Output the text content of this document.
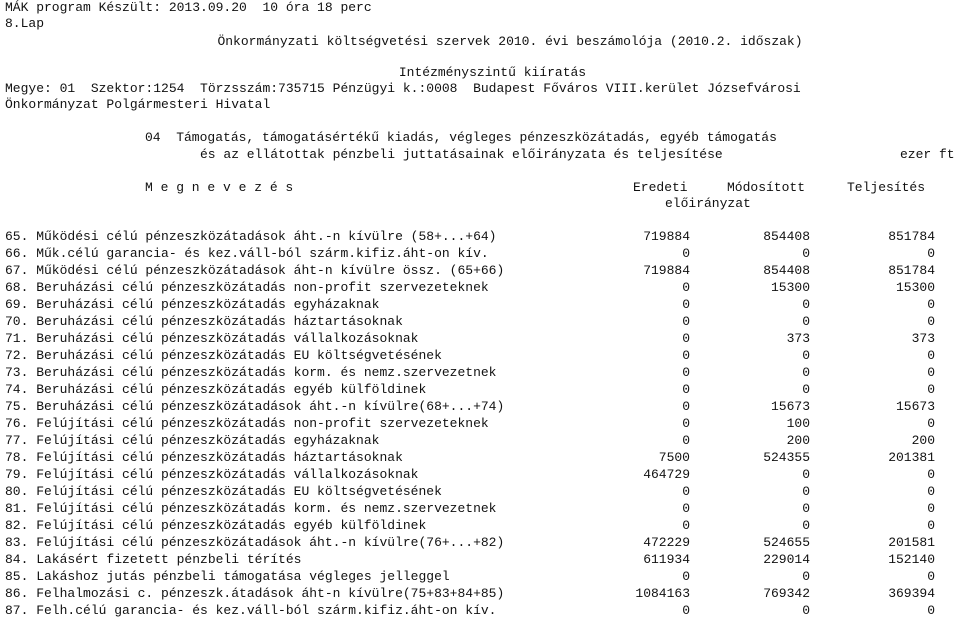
MÁK program Készült: 2013.09.20  10 óra 18 perc
8.Lap
Önkormányzati költségvetési szervek 2010. évi beszámolója (2010.2. időszak)
Intézményszintű kiíratás
Megye: 01  Szektor:1254  Törzsszám:735715 Pénzügyi k.:0008  Budapest Főváros VIII.kerület Józsefvárosi
Önkormányzat Polgármesteri Hivatal
04  Támogatás, támogatásértékű kiadás, végleges pénzeszközátadás, egyéb támogatás
és az ellátottak pénzbeli juttatásainak előirányzata és teljesítése	ezer ft
M e g n e v e z é s	Eredeti	Módosított	Teljesítés
előirányzat
65. Működési célú pénzeszközátadások áht.-n kívülre (58+...+64)	719884	854408	851784
66. Műk.célú garancia- és kez.váll-ból szárm.kifiz.áht-on kív.	0	0	0
67. Működési célú pénzeszközátadások áht-n kívülre össz. (65+66)	719884	854408	851784
68. Beruházási célú pénzeszközátadás non-profit szervezeteknek	0	15300	15300
69. Beruházási célú pénzeszközátadás egyházaknak	0	0	0
70. Beruházási célú pénzeszközátadás háztartásoknak	0	0	0
71. Beruházási célú pénzeszközátadás vállalkozásoknak	0	373	373
72. Beruházási célú pénzeszközátadás EU költségvetésének	0	0	0
73. Beruházási célú pénzeszközátadás korm. és nemz.szervezetnek	0	0	0
74. Beruházási célú pénzeszközátadás egyéb külföldinek	0	0	0
75. Beruházási célú pénzeszközátadások áht.-n kívülre(68+...+74)	0	15673	15673
76. Felújítási célú pénzeszközátadás non-profit szervezeteknek	0	100	0
77. Felújítási célú pénzeszközátadás egyházaknak	0	200	200
78. Felújítási célú pénzeszközátadás háztartásoknak	7500	524355	201381
79. Felújítási célú pénzeszközátadás vállalkozásoknak	464729	0	0
80. Felújítási célú pénzeszközátadás EU költségvetésének	0	0	0
81. Felújítási célú pénzeszközátadás korm. és nemz.szervezetnek	0	0	0
82. Felújítási célú pénzeszközátadás egyéb külföldinek	0	0	0
83. Felújítási célú pénzeszközátadások áht.-n kívülre(76+...+82)	472229	524655	201581
84. Lakásért fizetett pénzbeli térítés	611934	229014	152140
85. Lakáshoz jutás pénzbeli támogatása végleges jelleggel	0	0	0
86. Felhalmozási c. pénzeszk.átadások áht-n kívülre(75+83+84+85)	1084163	769342	369394
87. Felh.célú garancia- és kez.váll-ból szárm.kifiz.áht-on kív.	0	0	0
